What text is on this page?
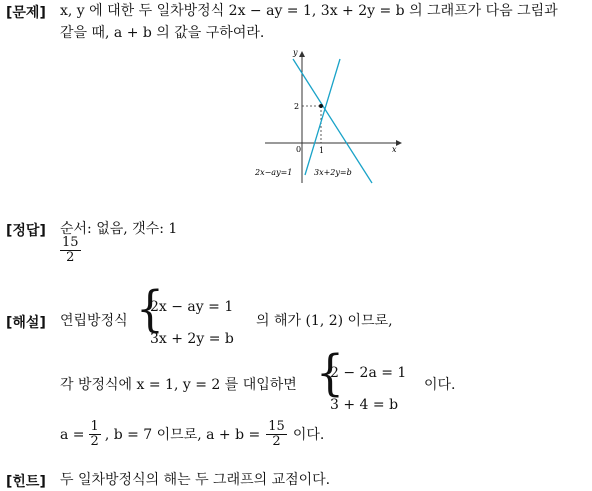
[문제] x, y 에 대한 두 일차방정식 2x − ay = 1, 3x + 2y = b 의 그래프가 다음 그림과
같을 때, a + b 의 값을 구하여라.
y
x
0 1
2
2x−ay=1	3x+2y=b
[정답] 순서: 없음, 갯수: 1
$\frac{15}{2}$
[해설] 연립방정식 {
2x − ay = 1
3x + 2y = b
의 해가 (1, 2) 이므로,
각 방정식에 x = 1, y = 2 를 대입하면 {
2 − 2a = 1
3 + 4 = b
이다.
$a = \frac{1}{2}$ , b = 7 이므로, $a + b = \frac{15}{2}$ 이다.
[힌트] 두 일차방정식의 해는 두 그래프의 교점이다.
